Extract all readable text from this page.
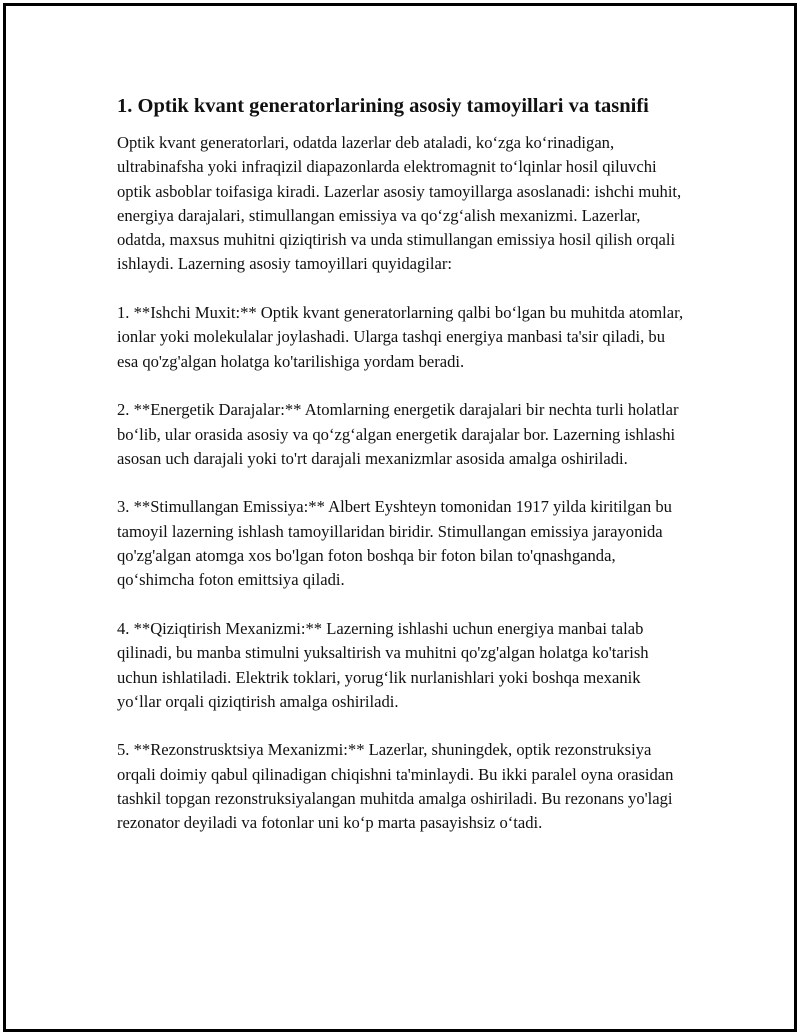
1. Optik kvant generatorlarining asosiy tamoyillari va tasnifi

Optik kvant generatorlari, odatda lazerlar deb ataladi, ko‘zga ko‘rinadigan, ultrabinafsha yoki infraqizil diapazonlarda elektromagnit to‘lqinlar hosil qiluvchi optik asboblar toifasiga kiradi. Lazerlar asosiy tamoyillarga asoslanadi: ishchi muhit, energiya darajalari, stimullangan emissiya va qo‘zg‘alish mexanizmi. Lazerlar, odatda, maxsus muhitni qiziqtirish va unda stimullangan emissiya hosil qilish orqali ishlaydi. Lazerning asosiy tamoyillari quyidagilar:

1. **Ishchi Muxit:** Optik kvant generatorlarning qalbi bo‘lgan bu muhitda atomlar, ionlar yoki molekulalar joylashadi. Ularga tashqi energiya manbasi ta'sir qiladi, bu esa qo'zg'algan holatga ko'tarilishiga yordam beradi.

2. **Energetik Darajalar:** Atomlarning energetik darajalari bir nechta turli holatlar bo‘lib, ular orasida asosiy va qo‘zg‘algan energetik darajalar bor. Lazerning ishlashi asosan uch darajali yoki to'rt darajali mexanizmlar asosida amalga oshiriladi.

3. **Stimullangan Emissiya:** Albert Eyshteyn tomonidan 1917 yilda kiritilgan bu tamoyil lazerning ishlash tamoyillaridan biridir. Stimullangan emissiya jarayonida qo'zg'algan atomga xos bo'lgan foton boshqa bir foton bilan to'qnashganda, qo‘shimcha foton emittsiya qiladi.

4. **Qiziqtirish Mexanizmi:** Lazerning ishlashi uchun energiya manbai talab qilinadi, bu manba stimulni yuksaltirish va muhitni qo'zg'algan holatga ko'tarish uchun ishlatiladi. Elektrik toklari, yorug‘lik nurlanishlari yoki boshqa mexanik yo‘llar orqali qiziqtirish amalga oshiriladi.

5. **Rezonstrusktsiya Mexanizmi:** Lazerlar, shuningdek, optik rezonstruksiya orqali doimiy qabul qilinadigan chiqishni ta'minlaydi. Bu ikki paralel oyna orasidan tashkil topgan rezonstruksiyalangan muhitda amalga oshiriladi. Bu rezonans yo'lagi rezonator deyiladi va fotonlar uni ko‘p marta pasayishsiz o‘tadi.
